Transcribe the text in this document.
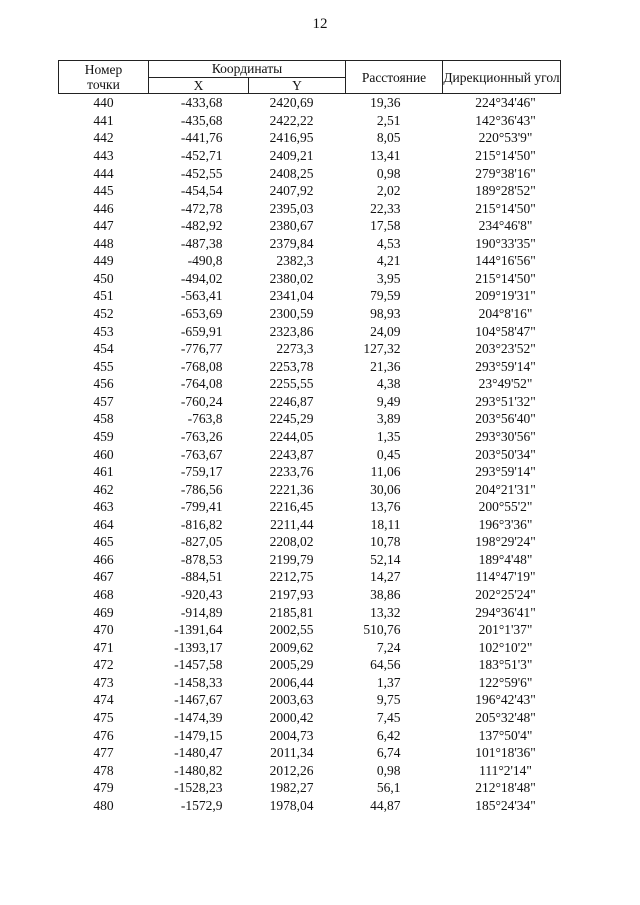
12
Номер точки	Координаты		Расстояние	Дирекционный угол
	X	Y		
440	-433,68	2420,69	19,36	224°34'46"
441	-435,68	2422,22	2,51	142°36'43"
442	-441,76	2416,95	8,05	220°53'9"
443	-452,71	2409,21	13,41	215°14'50"
444	-452,55	2408,25	0,98	279°38'16"
445	-454,54	2407,92	2,02	189°28'52"
446	-472,78	2395,03	22,33	215°14'50"
447	-482,92	2380,67	17,58	234°46'8"
448	-487,38	2379,84	4,53	190°33'35"
449	-490,8	2382,3	4,21	144°16'56"
450	-494,02	2380,02	3,95	215°14'50"
451	-563,41	2341,04	79,59	209°19'31"
452	-653,69	2300,59	98,93	204°8'16"
453	-659,91	2323,86	24,09	104°58'47"
454	-776,77	2273,3	127,32	203°23'52"
455	-768,08	2253,78	21,36	293°59'14"
456	-764,08	2255,55	4,38	23°49'52"
457	-760,24	2246,87	9,49	293°51'32"
458	-763,8	2245,29	3,89	203°56'40"
459	-763,26	2244,05	1,35	293°30'56"
460	-763,67	2243,87	0,45	203°50'34"
461	-759,17	2233,76	11,06	293°59'14"
462	-786,56	2221,36	30,06	204°21'31"
463	-799,41	2216,45	13,76	200°55'2"
464	-816,82	2211,44	18,11	196°3'36"
465	-827,05	2208,02	10,78	198°29'24"
466	-878,53	2199,79	52,14	189°4'48"
467	-884,51	2212,75	14,27	114°47'19"
468	-920,43	2197,93	38,86	202°25'24"
469	-914,89	2185,81	13,32	294°36'41"
470	-1391,64	2002,55	510,76	201°1'37"
471	-1393,17	2009,62	7,24	102°10'2"
472	-1457,58	2005,29	64,56	183°51'3"
473	-1458,33	2006,44	1,37	122°59'6"
474	-1467,67	2003,63	9,75	196°42'43"
475	-1474,39	2000,42	7,45	205°32'48"
476	-1479,15	2004,73	6,42	137°50'4"
477	-1480,47	2011,34	6,74	101°18'36"
478	-1480,82	2012,26	0,98	111°2'14"
479	-1528,23	1982,27	56,1	212°18'48"
480	-1572,9	1978,04	44,87	185°24'34"
